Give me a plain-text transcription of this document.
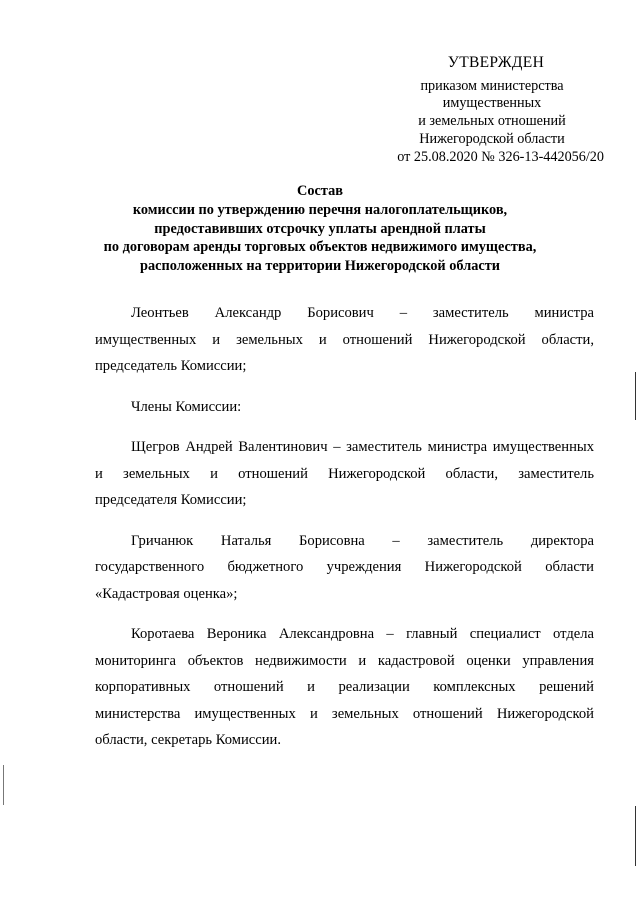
УТВЕРЖДЕН
приказом министерства
имущественных
и земельных отношений
Нижегородской области
от 25.08.2020 № 326-13-442056/20
Состав
комиссии по утверждению перечня налогоплательщиков,
предоставивших отсрочку уплаты арендной платы
по договорам аренды торговых объектов недвижимого имущества,
расположенных на территории Нижегородской области

Леонтьев Александр Борисович – заместитель министра
имущественных и земельных и отношений Нижегородской области,
председатель Комиссии;

Члены Комиссии:

Щегров Андрей Валентинович – заместитель министра имущественных
и земельных и отношений Нижегородской области, заместитель
председателя Комиссии;

Гричанюк Наталья Борисовна – заместитель директора
государственного бюджетного учреждения Нижегородской области
«Кадастровая оценка»;

Коротаева Вероника Александровна – главный специалист отдела
мониторинга объектов недвижимости и кадастровой оценки управления
корпоративных отношений и реализации комплексных решений
министерства имущественных и земельных отношений Нижегородской
области, секретарь Комиссии.
